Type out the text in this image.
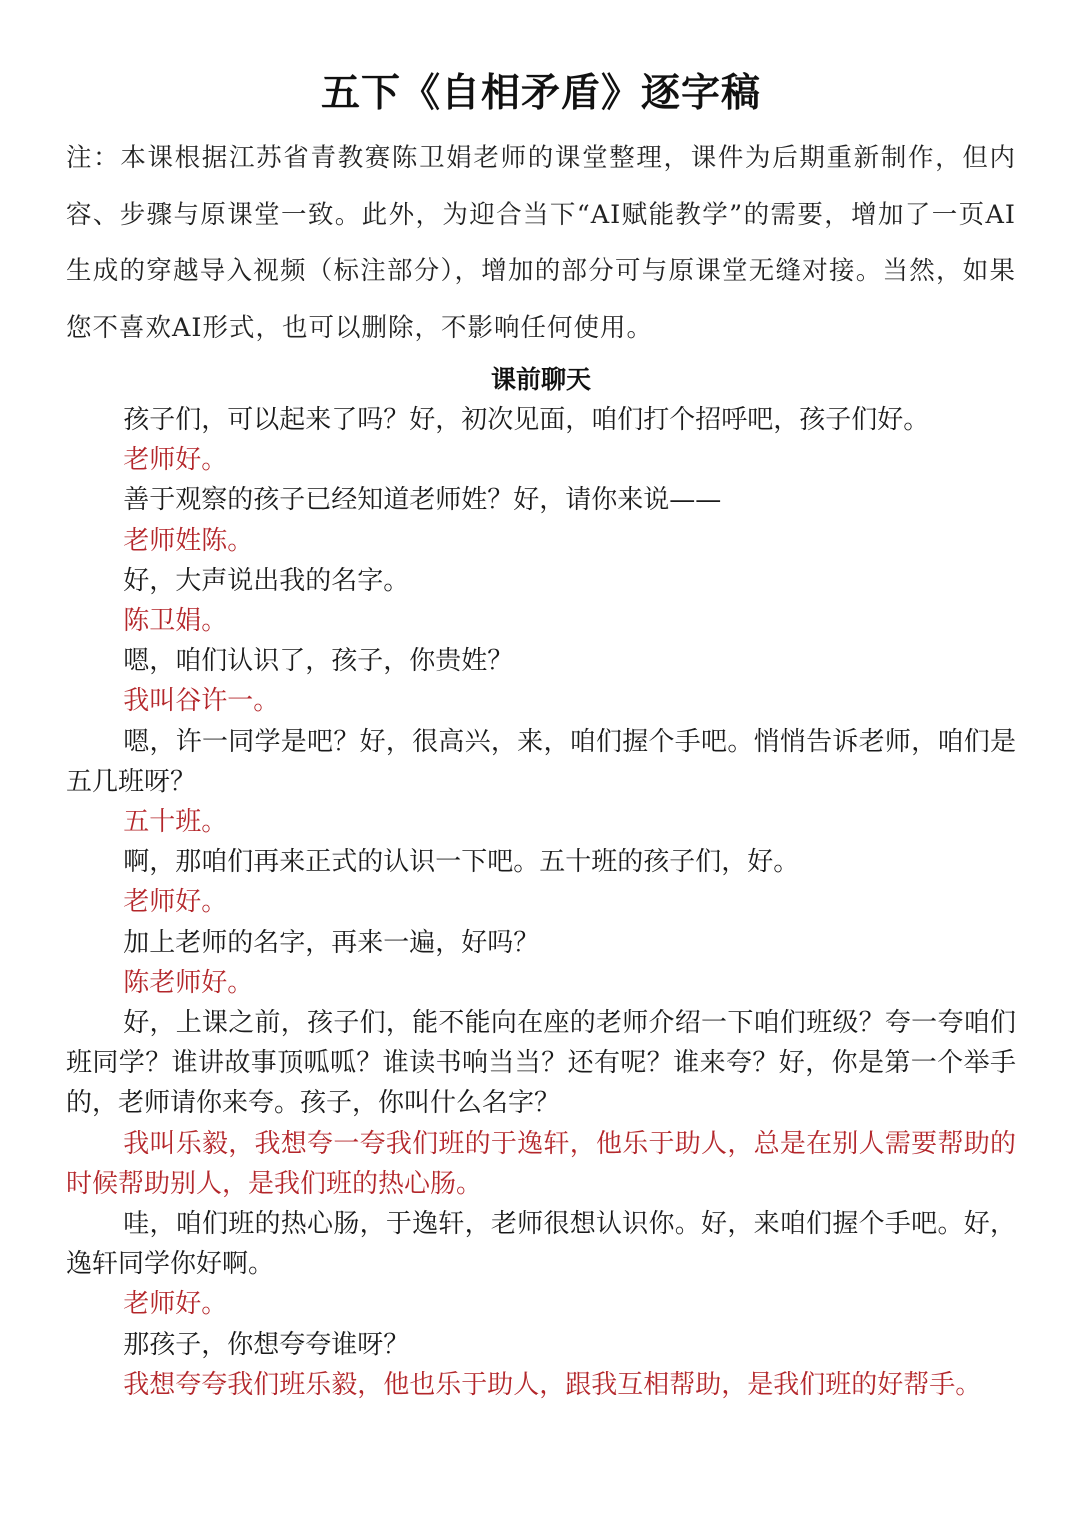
五下《自相矛盾》逐字稿

注：本课根据江苏省青教赛陈卫娟老师的课堂整理，课件为后期重新制作，但内容、步骤与原课堂一致。此外，为迎合当下“AI赋能教学”的需要，增加了一页AI生成的穿越导入视频（标注部分），增加的部分可与原课堂无缝对接。当然，如果您不喜欢AI形式，也可以删除，不影响任何使用。

课前聊天

孩子们，可以起来了吗？好，初次见面，咱们打个招呼吧，孩子们好。

老师好。

善于观察的孩子已经知道老师姓？好，请你来说——

老师姓陈。

好，大声说出我的名字。

陈卫娟。

嗯，咱们认识了，孩子，你贵姓？

我叫谷许一。

嗯，许一同学是吧？好，很高兴，来，咱们握个手吧。悄悄告诉老师，咱们是五几班呀？

五十班。

啊，那咱们再来正式的认识一下吧。五十班的孩子们，好。

老师好。

加上老师的名字，再来一遍，好吗？

陈老师好。

好，上课之前，孩子们，能不能向在座的老师介绍一下咱们班级？夸一夸咱们班同学？谁讲故事顶呱呱？谁读书响当当？还有呢？谁来夸？好，你是第一个举手的，老师请你来夸。孩子，你叫什么名字？

我叫乐毅，我想夸一夸我们班的于逸轩，他乐于助人，总是在别人需要帮助的时候帮助别人，是我们班的热心肠。

哇，咱们班的热心肠，于逸轩，老师很想认识你。好，来咱们握个手吧。好，逸轩同学你好啊。

老师好。

那孩子，你想夸夸谁呀？

我想夸夸我们班乐毅，他也乐于助人，跟我互相帮助，是我们班的好帮手。
